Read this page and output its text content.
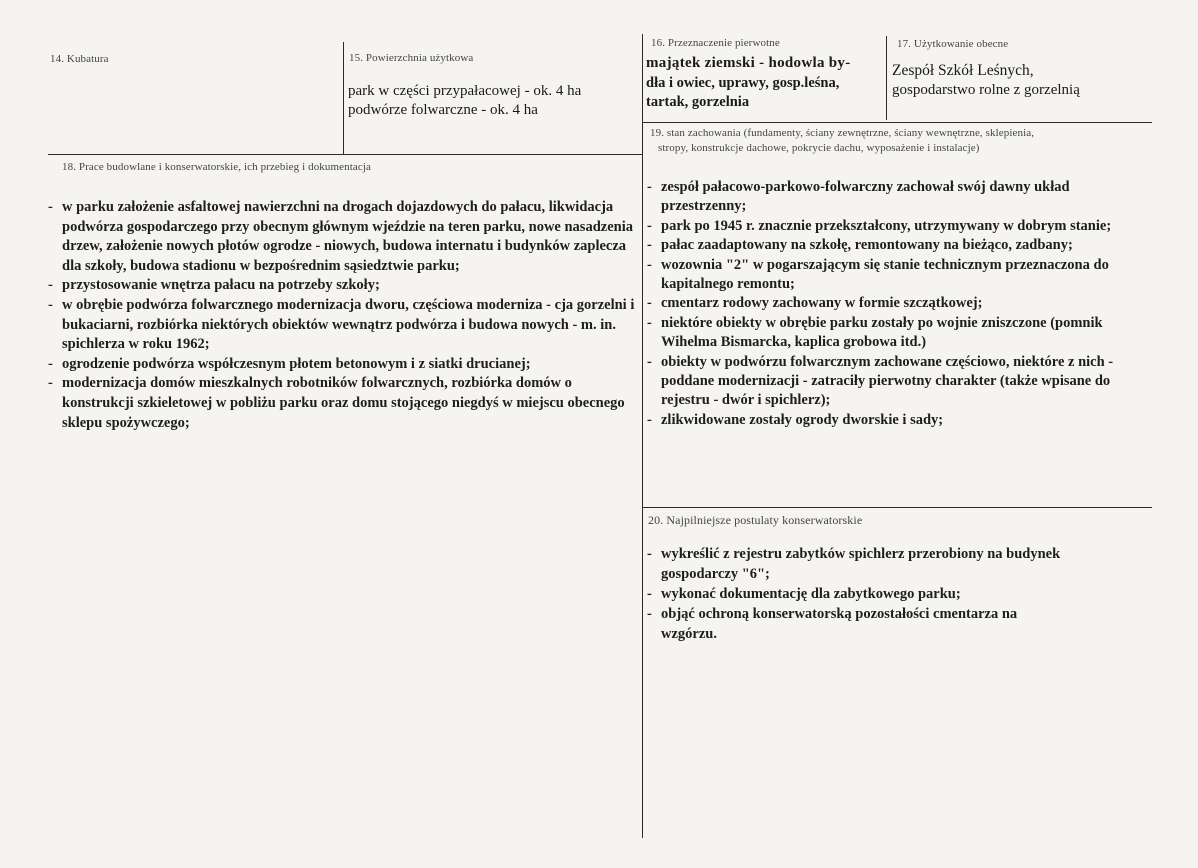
14. Kubatura	15. Powierzchnia użytkowa
park w części przypałacowej - ok. 4 ha
podwórze folwarczne - ok. 4 ha
16. Przeznaczenie pierwotne
majątek ziemski - hodowla by-
dła i owiec, uprawy, gosp.leśna,
tartak, gorzelnia
17. Użytkowanie obecne
Zespół Szkół Leśnych,
gospodarstwo rolne z gorzelnią
19. stan zachowania (fundamenty, ściany zewnętrzne, ściany wewnętrzne, sklepienia,
stropy, konstrukcje dachowe, pokrycie dachu, wyposażenie i instalacje)
18. Prace budowlane i konserwatorskie, ich przebieg i dokumentacja
- w parku założenie asfaltowej nawierzchni na drogach dojazdowych do pałacu, likwidacja podwórza gospodarczego przy obecnym głównym wjeździe na teren parku, nowe nasadzenia drzew, założenie nowych płotów ogrodze - niowych, budowa internatu i budynków zaplecza dla szkoły, budowa stadionu w bezpośrednim sąsiedztwie parku;
- przystosowanie wnętrza pałacu na potrzeby szkoły;
- w obrębie podwórza folwarcznego modernizacja dworu, częściowa moderniza - cja gorzelni i bukaciarni, rozbiórka niektórych obiektów wewnątrz podwórza i budowa nowych - m. in. spichlerza w roku 1962;
- ogrodzenie podwórza współczesnym płotem betonowym i z siatki drucianej;
- modernizacja domów mieszkalnych robotników folwarcznych, rozbiórka domów o konstrukcji szkieletowej w pobliżu parku oraz domu stojącego niegdyś w miejscu obecnego sklepu spożywczego;
- zespół pałacowo-parkowo-folwarczny zachował swój dawny układ przestrzenny;
- park po 1945 r. znacznie przekształcony, utrzymywany w dobrym stanie;
- pałac zaadaptowany na szkołę, remontowany na bieżąco, zadbany;
- wozownia "2" w pogarszającym się stanie technicznym przeznaczona do kapitalnego remontu;
- cmentarz rodowy zachowany w formie szczątkowej;
- niektóre obiekty w obrębie parku zostały po wojnie zniszczone (pomnik Wihelma Bismarcka, kaplica grobowa itd.)
- obiekty w podwórzu folwarcznym zachowane częściowo, niektóre z nich - poddane modernizacji - zatraciły pierwotny charakter (także wpisane do rejestru - dwór i spichlerz);
- zlikwidowane zostały ogrody dworskie i sady;
20. Najpilniejsze postulaty konserwatorskie
- wykreślić z rejestru zabytków spichlerz przerobiony na budynek gospodarczy "6";
- wykonać dokumentację dla zabytkowego parku;
- objąć ochroną konserwatorską pozostałości cmentarza na wzgórzu.
